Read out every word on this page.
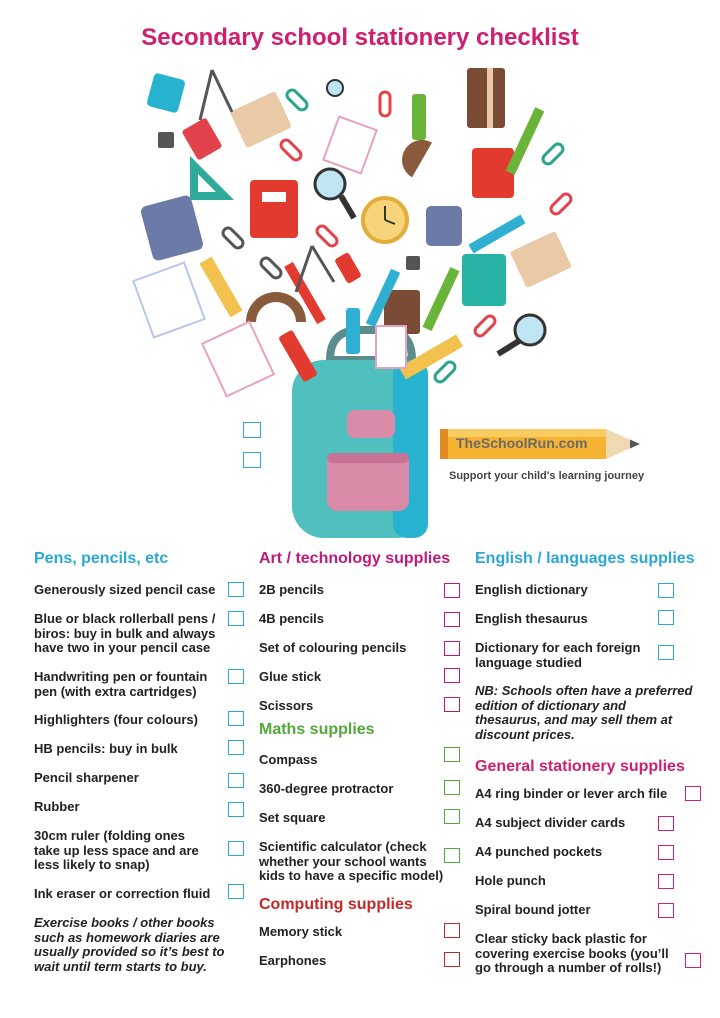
Secondary school stationery checklist
TheSchoolRun.com
Support your child's learning journey
Pens, pencils, etc
Generously sized pencil case
Blue or black rollerball pens / biros: buy in bulk and always have two in your pencil case
Handwriting pen or fountain pen (with extra cartridges)
Highlighters (four colours)
HB pencils: buy in bulk
Pencil sharpener
Rubber
30cm ruler (folding ones take up less space and are less likely to snap)
Ink eraser or correction fluid
Exercise books / other books such as homework diaries are usually provided so it’s best to wait until term starts to buy.
Art / technology supplies
2B pencils
4B pencils
Set of colouring pencils
Glue stick
Scissors
Maths supplies
Compass
360-degree protractor
Set square
Scientific calculator (check whether your school wants kids to have a specific model)
Computing supplies
Memory stick
Earphones
English / languages supplies
English dictionary
English thesaurus
Dictionary for each foreign language studied
NB: Schools often have a preferred edition of dictionary and thesaurus, and may sell them at discount prices.
General stationery supplies
A4 ring binder or lever arch file
A4 subject divider cards
A4 punched pockets
Hole punch
Spiral bound jotter
Clear sticky back plastic for covering exercise books (you’ll go through a number of rolls!)
